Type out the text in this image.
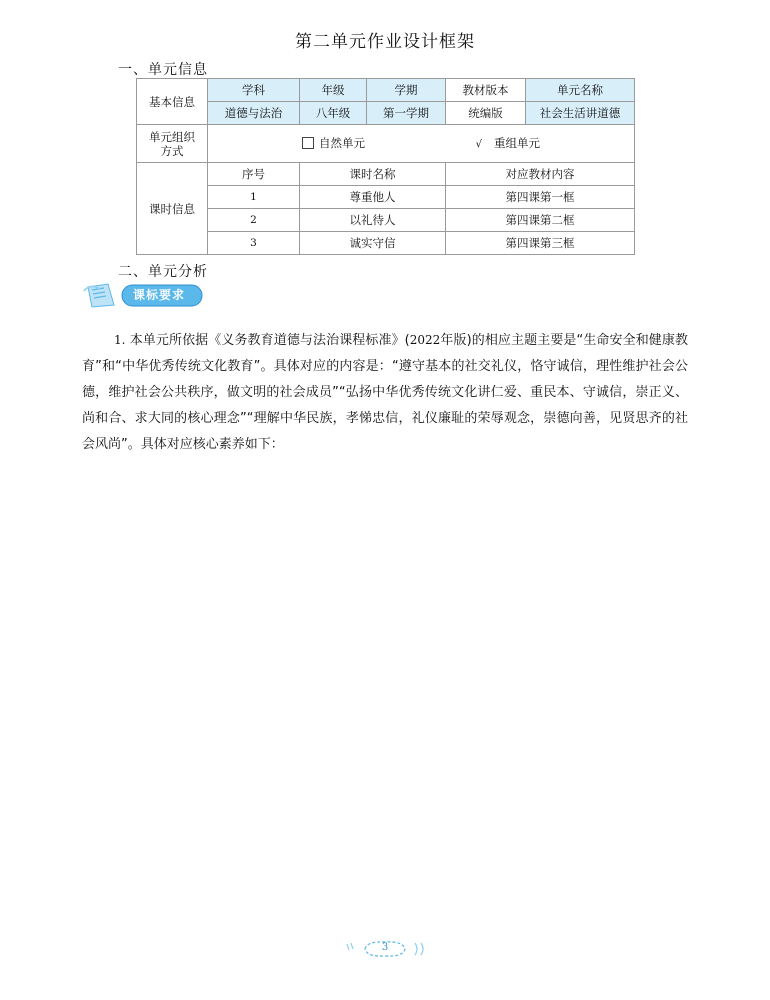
第二单元作业设计框架
一、单元信息
基本信息	学科	年级	学期	教材版本	单元名称
	道德与法治	八年级	第一学期	统编版	社会生活讲道德
单元组织方式	自然单元 √ 重组单元				
课时信息	序号	课时名称		对应教材内容	
	1	尊重他人		第四课第一框	
	2	以礼待人		第四课第二框	
	3	诚实守信		第四课第三框	
二、单元分析
课标要求
1. 本单元所依据《义务教育道德与法治课程标准》(2022年版)的相应主题主要是“生命安全和健康教育”和“中华优秀传统文化教育”。具体对应的内容是：“遵守基本的社交礼仪，恪守诚信，理性维护社会公德，维护社会公共秩序，做文明的社会成员”“弘扬中华优秀传统文化讲仁爱、重民本、守诚信，崇正义、尚和合、求大同的核心理念”“理解中华民族，孝悌忠信，礼仪廉耻的荣辱观念，崇德向善，见贤思齐的社会风尚”。具体对应核心素养如下：
3
